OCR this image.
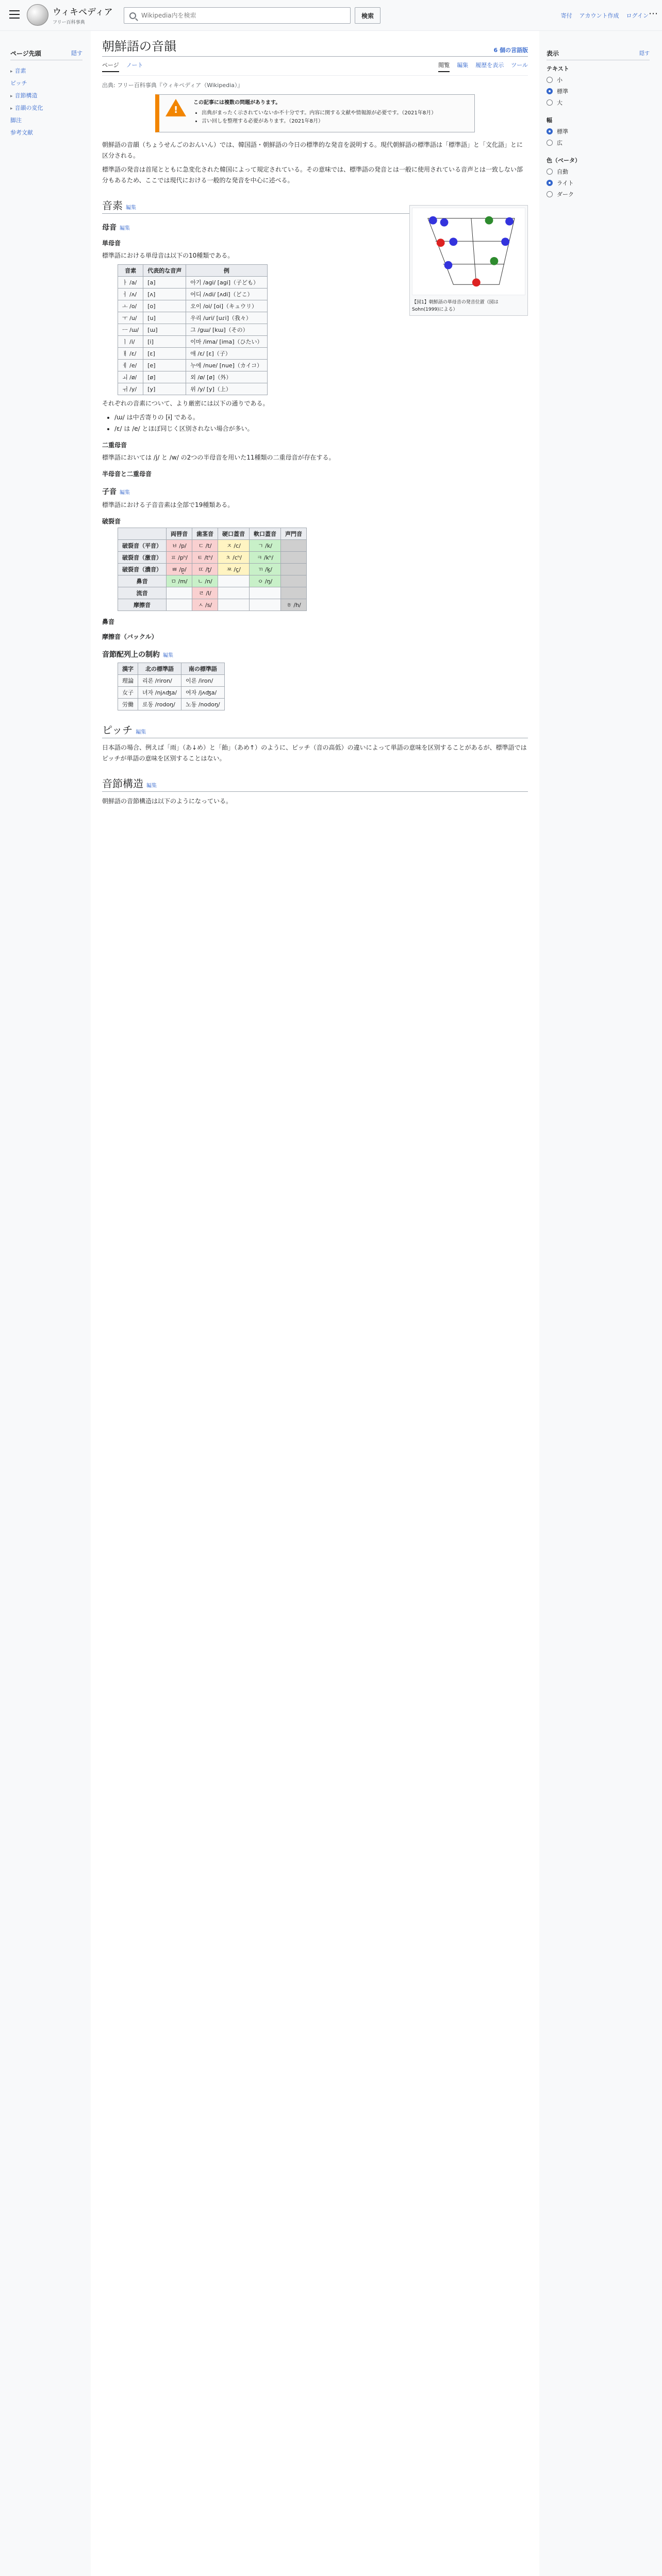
ウィキペディア
フリー百科事典
Wikipedia内を検索
検索	寄付 アカウント作成 ログイン ⋯
ページ先頭	隠す
▸ 音素
ピッチ
▸ 音節構造
▸ 音韻の変化
脚注
参考文献
朝鮮語の音韻	6 個の言語版
ページ ノート	閲覧 編集 履歴を表示 ツール
出典: フリー百科事典『ウィキペディア（Wikipedia）』
!
この記事には複数の問題があります。
• 出典がまったく示されていないか不十分です。内容に関する文献や情報源が必要です。（2021年8月）
• 言い回しを整理する必要があります。（2021年8月）

朝鮮語の音韻（ちょうせんごのおんいん）では、韓国語・朝鮮語の今日の標準的な発音を説明する。現代朝鮮語の標準語は「標準語」と「文化語」とに区分される。

標準語の発音は首尾とともに急変化された韓国によって規定されている。その意味では、標準語の発音とは一般に使用されている音声とは一致しない部分もあるため、ここでは現代における一般的な発音を中心に述べる。

音素 編集
母音 編集
単母音

標準語における単母音は以下の10種類である。

音素	代表的な音声	例
ㅏ /a/	[a]	아기 /agi/ [agi]（子ども）
ㅓ /ʌ/	[ʌ]	어디 /ʌdi/ [ʌdi]（どこ）
ㅗ /o/	[o]	오이 /oi/ [oi]（キュウリ）
ㅜ /u/	[u]	우리 /uri/ [uɾi]（我々）
ㅡ /ɯ/	[ɯ]	그 /gɯ/ [kɯ]（その）
ㅣ /i/	[i]	이마 /ima/ [ima]（ひたい）
ㅐ /ɛ/	[ɛ]	애 /ɛ/ [ɛ]（子）
ㅔ /e/	[e]	누에 /nue/ [nue]（カイコ）
ㅚ /ø/	[ø]	외 /ø/ [ø]（外）
ㅟ /y/	[y]	위 /y/ [y]（上）
【図1】朝鮮語の単母音の発音位置（図はSohn(1999)による）

それぞれの音素について、より厳密には以下の通りである。

• /ɯ/ は中舌寄りの [ɨ] である。
• /ɛ/ は /e/ とほぼ同じく区別されない場合が多い。
二重母音

標準語においては /j/ と /w/ の2つの半母音を用いた11種類の二重母音が存在する。

半母音と二重母音
子音 編集

標準語における子音音素は全部で19種類ある。

破裂音
	両唇音	歯茎音	硬口蓋音	軟口蓋音	声門音
破裂音（平音）	ㅂ /p/	ㄷ /t/	ㅈ /c/	ㄱ /k/	
破裂音（激音）	ㅍ /pʰ/	ㅌ /tʰ/	ㅊ /cʰ/	ㅋ /kʰ/	
破裂音（濃音）	ㅃ /p͈/	ㄸ /t͈/	ㅉ /c͈/	ㄲ /k͈/	
鼻音	ㅁ /m/	ㄴ /n/		ㅇ /ŋ/	
流音		ㄹ /l/			
摩擦音		ㅅ /s/			ㅎ /h/
鼻音
摩擦音（バックル）
音節配列上の制約 編集
漢字	北の標準語	南の標準語
理論	리론 /riron/	이론 /iron/
女子	녀자 /njʌʤa/	여자 /jʌʤa/
労働	로동 /rodoŋ/	노동 /nodoŋ/
ピッチ 編集

日本語の場合、例えば「雨」（あ↓め）と「飴」（あめ↑）のように、ピッチ（音の高低）の違いによって単語の意味を区別することがあるが、標準語ではピッチが単語の意味を区別することはない。

音節構造 編集

朝鮮語の音節構造は以下のようになっている。

表示	隠す
テキスト
小
標準
大
幅
標準
広
色（ベータ）
自動
ライト
ダーク
